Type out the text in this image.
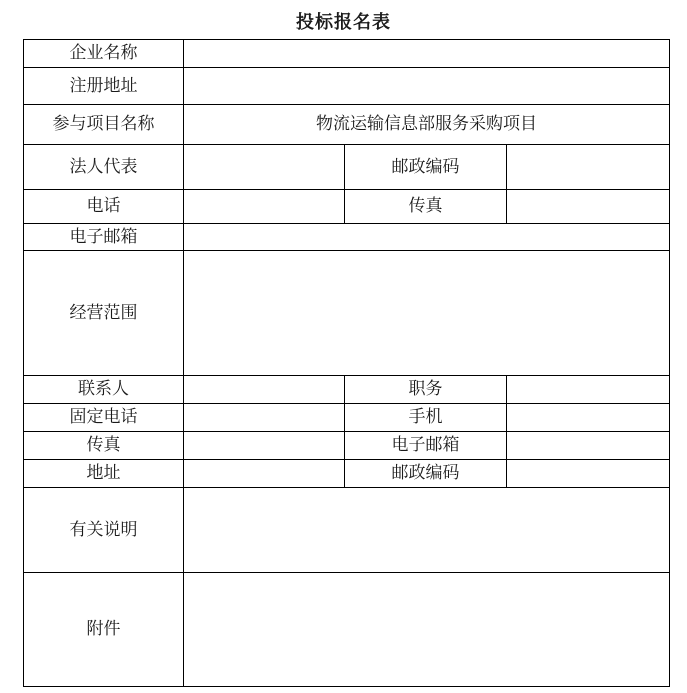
投标报名表
企业名称			
注册地址			
参与项目名称	物流运输信息部服务采购项目		
法人代表		邮政编码	
电话		传真	
电子邮箱			
经营范围			
联系人		职务	
固定电话		手机	
传真		电子邮箱	
地址		邮政编码	
有关说明			
附件			
